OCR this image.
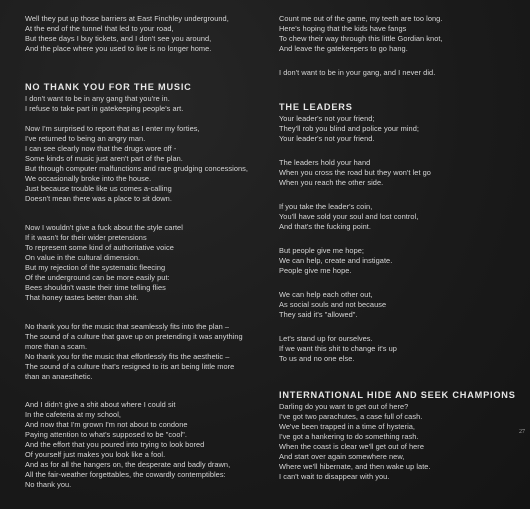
Well they put up those barriers at East Finchley underground,
At the end of the tunnel that led to your road,
But these days I buy tickets, and I don't see you around,
And the place where you used to live is no longer home.
NO THANK YOU FOR THE MUSIC
I don't want to be in any gang that you're in.
I refuse to take part in gatekeeping people's art.
Now I'm surprised to report that as I enter my forties,
I've returned to being an angry man.
I can see clearly now that the drugs wore off -
Some kinds of music just aren't part of the plan.
But through computer malfunctions and rare grudging concessions,
We occasionally broke into the house.
Just because trouble like us comes a-calling
Doesn't mean there was a place to sit down.
Now I wouldn't give a fuck about the style cartel
If it wasn't for their wider pretensions
To represent some kind of authoritative voice
On value in the cultural dimension.
But my rejection of the systematic fleecing
Of the underground can be more easily put:
Bees shouldn't waste their time telling flies
That honey tastes better than shit.
No thank you for the music that seamlessly fits into the plan –
The sound of a culture that gave up on pretending it was anything
more than a scam.
No thank you for the music that effortlessly fits the aesthetic –
The sound of a culture that's resigned to its art being little more
than an anaesthetic.
And I didn't give a shit about where I could sit
In the cafeteria at my school,
And now that I'm grown I'm not about to condone
Paying attention to what's supposed to be "cool".
And the effort that you poured into trying to look bored
Of yourself just makes you look like a fool.
And as for all the hangers on, the desperate and badly drawn,
All the fair-weather forgettables, the cowardly contemptibles:
No thank you.
Count me out of the game, my teeth are too long.
Here's hoping that the kids have fangs
To chew their way through this little Gordian knot,
And leave the gatekeepers to go hang.
I don't want to be in your gang, and I never did.
THE LEADERS
Your leader's not your friend;
They'll rob you blind and police your mind;
Your leader's not your friend.
The leaders hold your hand
When you cross the road but they won't let go
When you reach the other side.
If you take the leader's coin,
You'll have sold your soul and lost control,
And that's the fucking point.
But people give me hope;
We can help, create and instigate.
People give me hope.
We can help each other out,
As social souls and not because
They said it's "allowed".
Let's stand up for ourselves.
If we want this shit to change it's up
To us and no one else.
INTERNATIONAL HIDE AND SEEK CHAMPIONS
Darling do you want to get out of here?
I've got two parachutes, a case full of cash.
We've been trapped in a time of hysteria,
I've got a hankering to do something rash.
When the coast is clear we'll get out of here
And start over again somewhere new,
Where we'll hibernate, and then wake up late.
I can't wait to disappear with you.
27
